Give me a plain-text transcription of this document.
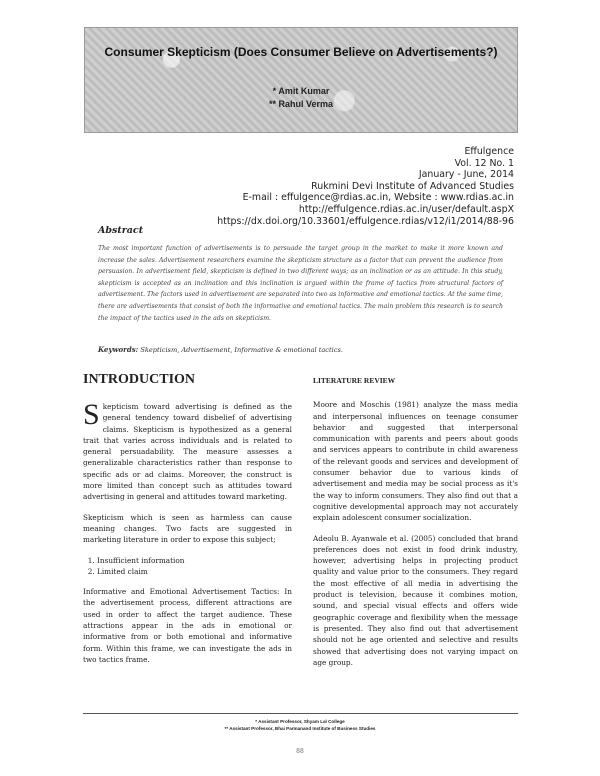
Consumer Skepticism (Does Consumer Believe on Advertisements?)
* Amit Kumar
** Rahul Verma
Effulgence
Vol. 12 No. 1
January - June, 2014
Rukmini Devi Institute of Advanced Studies
E-mail : effulgence@rdias.ac.in, Website : www.rdias.ac.in
http://effulgence.rdias.ac.in/user/default.aspX
https://dx.doi.org/10.33601/effulgence.rdias/v12/i1/2014/88-96
Abstract
The most important function of advertisements is to persuade the target group in the market to make it more known and increase the sales. Advertisement researchers examine the skepticism structure as a factor that can prevent the audience from persuasion. In advertisement field, skepticism is defined in two different ways; as an inclination or as an attitude. In this study, skepticism is accepted as an inclination and this inclination is argued within the frame of tactics from structural factors of advertisement. The factors used in advertisement are separated into two as informative and emotional tactics. At the same time, there are advertisements that consist of both the informative and emotional tactics. The main problem this research is to search the impact of the tactics used in the ads on skepticism.
Keywords: Skepticism, Advertisement, Informative & emotional tactics.
INTRODUCTION

Skepticism toward advertising is defined as the general tendency toward disbelief of advertising claims. Skepticism is hypothesized as a general trait that varies across individuals and is related to general persuadability. The measure assesses a generalizable characteristics rather than response to specific ads or ad claims. Moreover, the construct is more limited than concept such as attitudes toward advertising in general and attitudes toward marketing.

Skepticism which is seen as harmless can cause meaning changes. Two facts are suggested in marketing literature in order to expose this subject;

1. Insufficient information
2. Limited claim

Informative and Emotional Advertisement Tactics: In the advertisement process, different attractions are used in order to affect the target audience. These attractions appear in the ads in emotional or informative from or both emotional and informative form. Within this frame, we can investigate the ads in two tactics frame.

LITERATURE REVIEW

Moore and Moschis (1981) analyze the mass media and interpersonal influences on teenage consumer behavior and suggested that interpersonal communication with parents and peers about goods and services appears to contribute in child awareness of the relevant goods and services and development of consumer behavior due to various kinds of advertisement and media may be social process as it's the way to inform consumers. They also find out that a cognitive developmental approach may not accurately explain adolescent consumer socialization.

Adeolu B. Ayanwale et al. (2005) concluded that brand preferences does not exist in food drink industry, however, advertising helps in projecting product quality and value prior to the consumers. They regard the most effective of all media in advertising the product is television, because it combines motion, sound, and special visual effects and offers wide geographic coverage and flexibility when the message is presented. They also find out that advertisement should not be age oriented and selective and results showed that advertising does not varying impact on age group.

* Assistant Professor, Shyam Lal College
** Assistant Professor, Bhai Parmanand Institute of Business Studies
88
